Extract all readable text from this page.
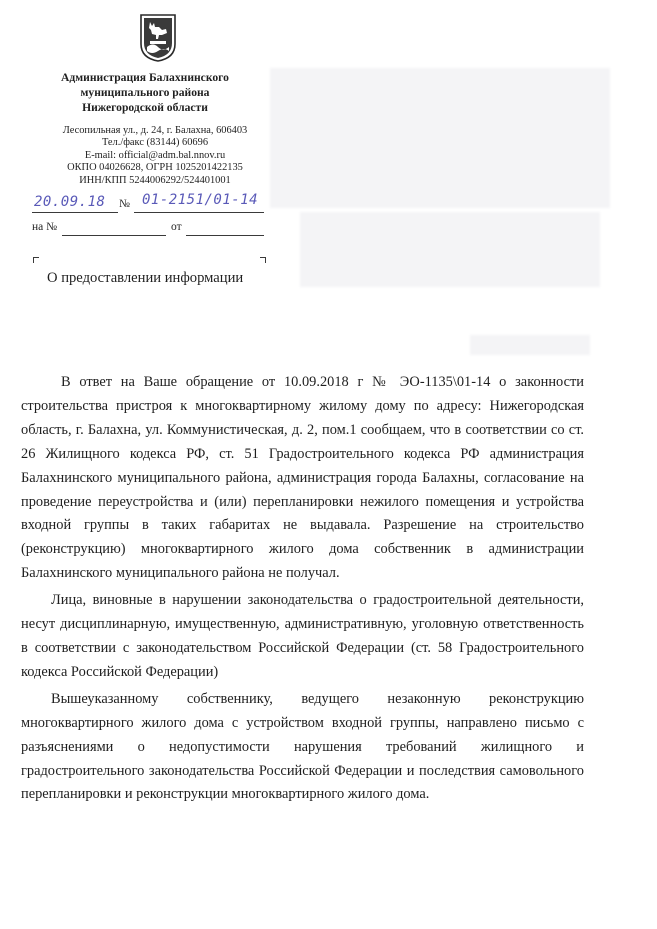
Администрация Балахнинского
муниципального района
Нижегородской области
Лесопильная ул., д. 24, г. Балахна, 606403
Тел./факс (83144) 60696
E-mail: official@adm.bal.nnov.ru
ОКПО 04026628, ОГРН 1025201422135
ИНН/КПП 5244006292/524401001
20.09.18 № 01-2151/01-14
на №	от
О предоставлении информации

В ответ на Ваше обращение от 10.09.2018 г № ЭО-1135\01-14 о законности строительства пристроя к многоквартирному жилому дому по адресу: Нижегородская область, г. Балахна, ул. Коммунистическая, д. 2, пом.1 сообщаем, что в соответствии со ст. 26 Жилищного кодекса РФ, ст. 51 Градостроительного кодекса РФ администрация Балахнинского муниципального района, администрация города Балахны, согласование на проведение переустройства и (или) перепланировки нежилого помещения и устройства входной группы в таких габаритах не выдавала. Разрешение на строительство (реконструкцию) многоквартирного жилого дома собственник в администрации Балахнинского муниципального района не получал.

Лица, виновные в нарушении законодательства о градостроительной деятельности, несут дисциплинарную, имущественную, административную, уголовную ответственность в соответствии с законодательством Российской Федерации (ст. 58 Градостроительного кодекса Российской Федерации)

Вышеуказанному собственнику, ведущего незаконную реконструкцию многоквартирного жилого дома с устройством входной группы, направлено письмо с разъяснениями о недопустимости нарушения требований жилищного и градостроительного законодательства Российской Федерации и последствия самовольного перепланировки и реконструкции многоквартирного жилого дома.
